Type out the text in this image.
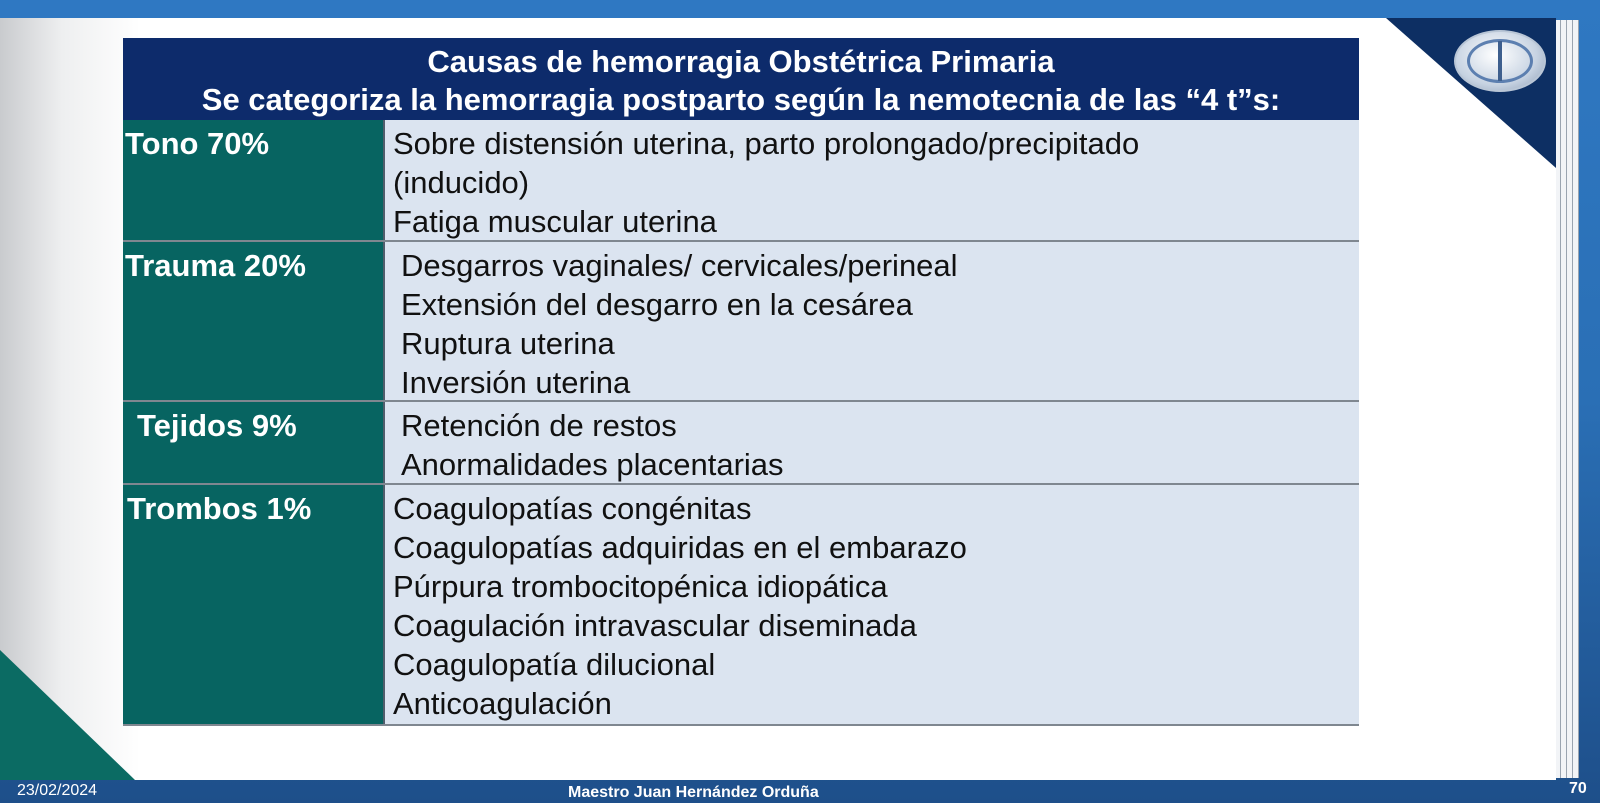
Causas de hemorragia Obstétrica Primaria
Se categoriza la hemorragia postparto según la nemotecnia de las “4 t”s:
Tono 70%	Sobre distensión uterina, parto prolongado/precipitado
(inducido)
Fatiga muscular uterina
Trauma 20%	Desgarros vaginales/ cervicales/perineal
Extensión del desgarro en la cesárea
Ruptura uterina
Inversión uterina
Tejidos 9%	Retención de restos
Anormalidades placentarias
Trombos 1%	Coagulopatías congénitas
Coagulopatías adquiridas en el embarazo
Púrpura trombocitopénica idiopática
Coagulación intravascular diseminada
Coagulopatía dilucional
Anticoagulación
23/02/2024	Maestro Juan Hernández Orduña	70
